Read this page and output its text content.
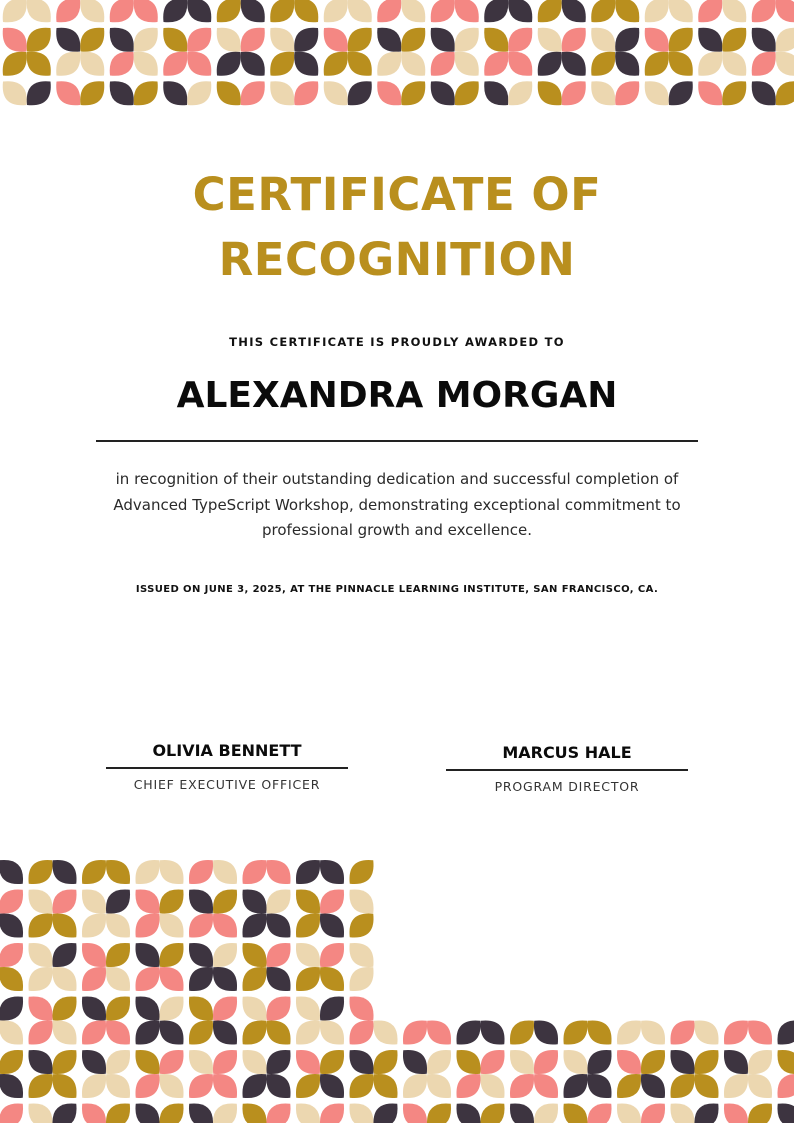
CERTIFICATE OF
RECOGNITION
THIS CERTIFICATE IS PROUDLY AWARDED TO
ALEXANDRA MORGAN

in recognition of their outstanding dedication and successful completion of Advanced TypeScript Workshop, demonstrating exceptional commitment to professional growth and excellence.

ISSUED ON JUNE 3, 2025, AT THE PINNACLE LEARNING INSTITUTE, SAN FRANCISCO, CA.
OLIVIA BENNETT
CHIEF EXECUTIVE OFFICER
MARCUS HALE
PROGRAM DIRECTOR
